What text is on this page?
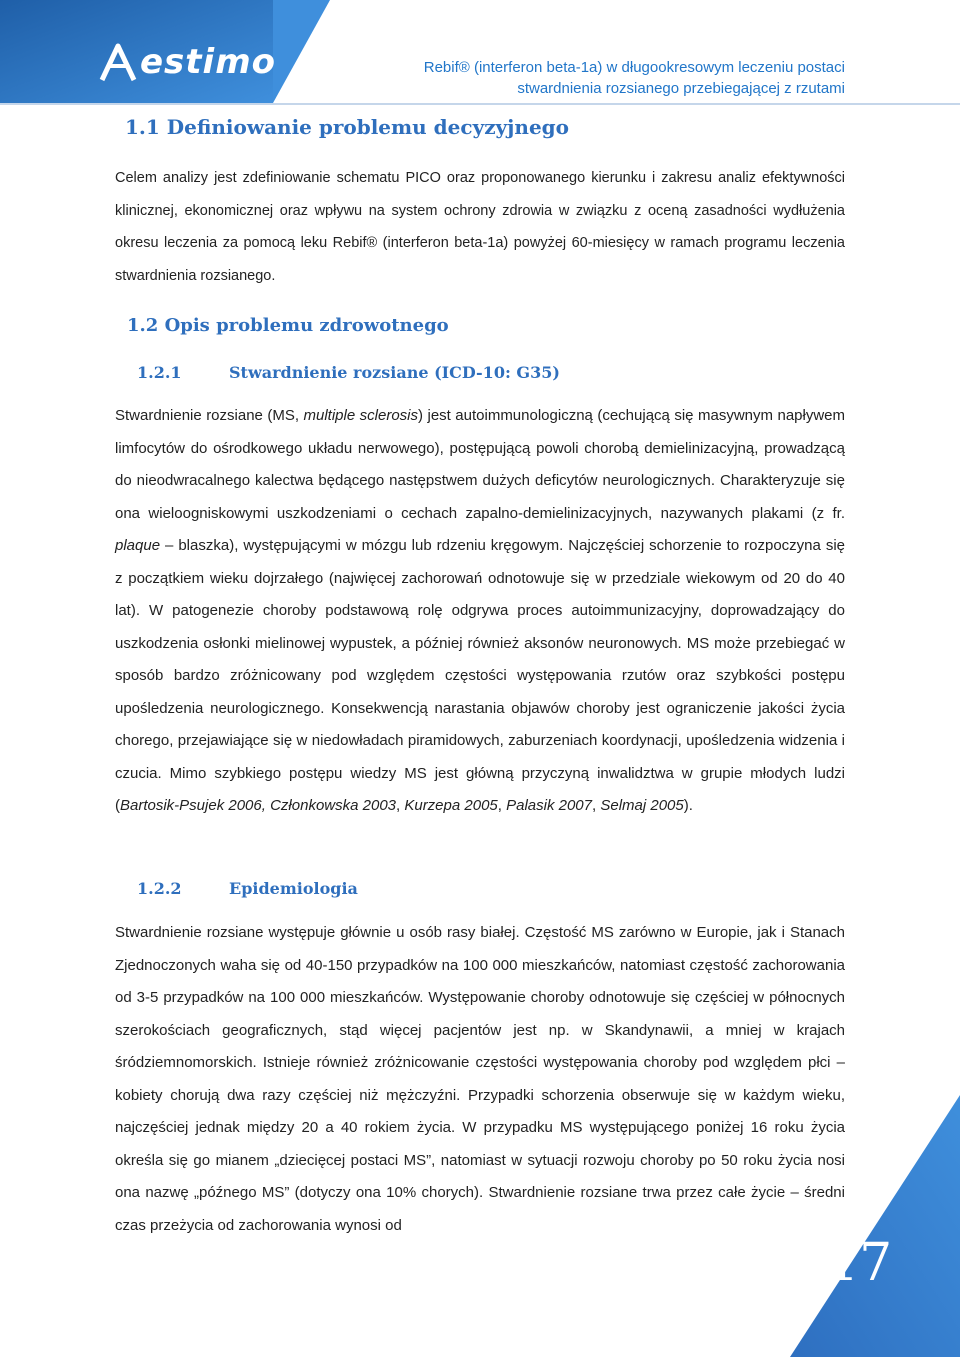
estimo	Rebif® (interferon beta-1a) w długookresowym leczeniu postaci
stwardnienia rozsianego przebiegającej z rzutami
1.1 Definiowanie problemu decyzyjnego

Celem analizy jest zdefiniowanie schematu PICO oraz proponowanego kierunku i zakresu analiz efektywności klinicznej, ekonomicznej oraz wpływu na system ochrony zdrowia w związku z oceną zasadności wydłużenia okresu leczenia za pomocą leku Rebif® (interferon beta-1a) powyżej 60-miesięcy w ramach programu leczenia stwardnienia rozsianego.

1.2 Opis problemu zdrowotnego
1.2.1	Stwardnienie rozsiane (ICD-10: G35)

Stwardnienie rozsiane (MS, multiple sclerosis) jest autoimmunologiczną (cechującą się masywnym napływem limfocytów do ośrodkowego układu nerwowego), postępującą powoli chorobą demielinizacyjną, prowadzącą do nieodwracalnego kalectwa będącego następstwem dużych deficytów neurologicznych. Charakteryzuje się ona wieloogniskowymi uszkodzeniami o cechach zapalno-demielinizacyjnych, nazywanych plakami (z fr. plaque – blaszka), występującymi w mózgu lub rdzeniu kręgowym. Najczęściej schorzenie to rozpoczyna się z początkiem wieku dojrzałego (najwięcej zachorowań odnotowuje się w przedziale wiekowym od 20 do 40 lat). W patogenezie choroby podstawową rolę odgrywa proces autoimmunizacyjny, doprowadzający do uszkodzenia osłonki mielinowej wypustek, a później również aksonów neuronowych. MS może przebiegać w sposób bardzo zróżnicowany pod względem częstości występowania rzutów oraz szybkości postępu upośledzenia neurologicznego. Konsekwencją narastania objawów choroby jest ograniczenie jakości życia chorego, przejawiające się w niedowładach piramidowych, zaburzeniach koordynacji, upośledzenia widzenia i czucia. Mimo szybkiego postępu wiedzy MS jest główną przyczyną inwalidztwa w grupie młodych ludzi (Bartosik-Psujek 2006, Członkowska 2003, Kurzepa 2005, Palasik 2007, Selmaj 2005).

1.2.2	Epidemiologia

Stwardnienie rozsiane występuje głównie u osób rasy białej. Częstość MS zarówno w Europie, jak i Stanach Zjednoczonych waha się od 40-150 przypadków na 100 000 mieszkańców, natomiast częstość zachorowania od 3-5 przypadków na 100 000 mieszkańców. Występowanie choroby odnotowuje się częściej w północnych szerokościach geograficznych, stąd więcej pacjentów jest np. w Skandynawii, a mniej w krajach śródziemnomorskich. Istnieje również zróżnicowanie częstości występowania choroby pod względem płci – kobiety chorują dwa razy częściej niż mężczyźni. Przypadki schorzenia obserwuje się w każdym wieku, najczęściej jednak między 20 a 40 rokiem życia. W przypadku MS występującego poniżej 16 roku życia określa się go mianem „dziecięcej postaci MS”, natomiast w sytuacji rozwoju choroby po 50 roku życia nosi ona nazwę „późnego MS” (dotyczy ona 10% chorych). Stwardnienie rozsiane trwa przez całe życie – średni czas przeżycia od zachorowania wynosi od

17
